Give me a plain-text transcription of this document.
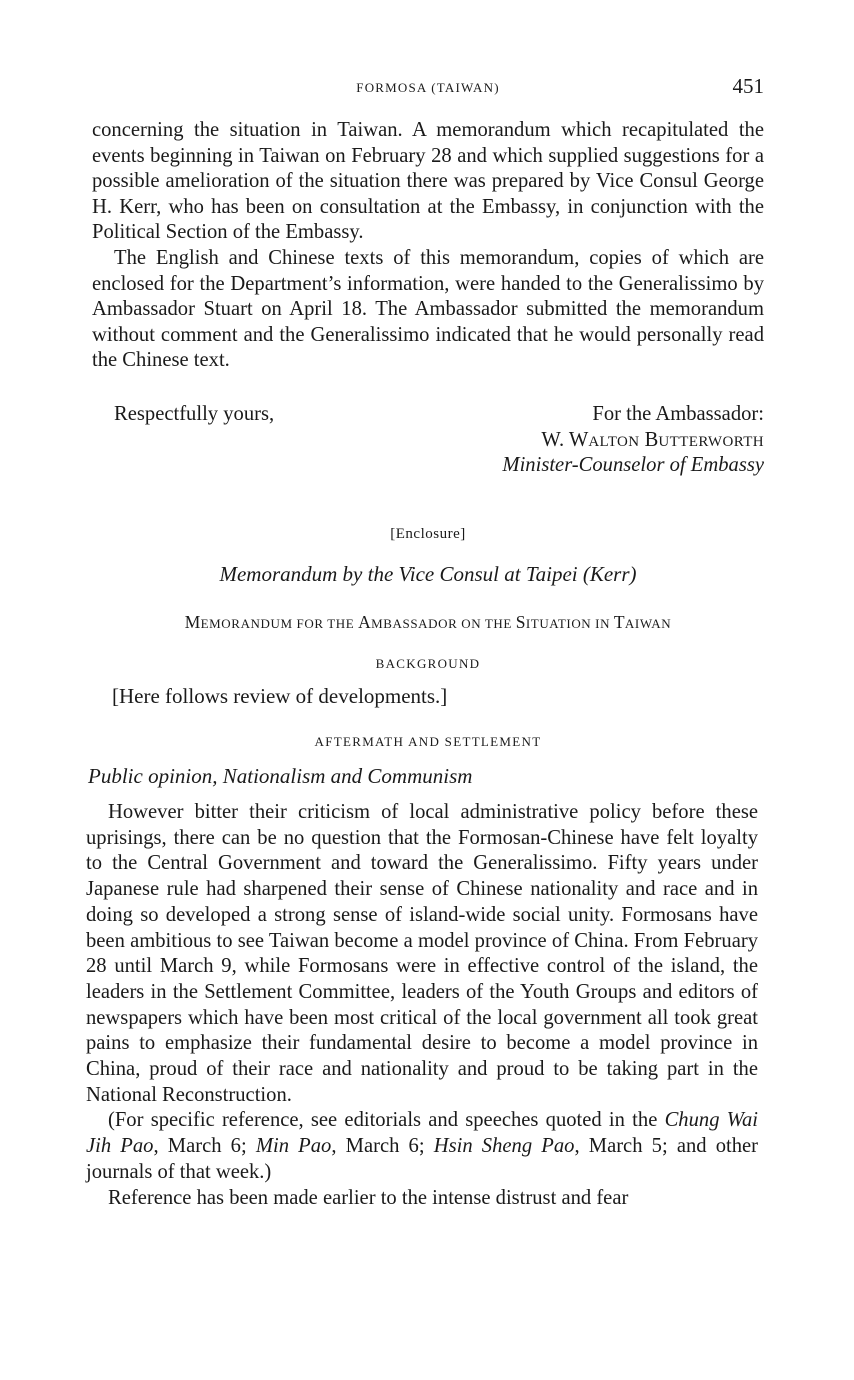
FORMOSA (TAIWAN)	451

concerning the situation in Taiwan. A memorandum which recapitulated the events beginning in Taiwan on February 28 and which supplied suggestions for a possible amelioration of the situation there was prepared by Vice Consul George H. Kerr, who has been on consultation at the Embassy, in conjunction with the Political Section of the Embassy.

The English and Chinese texts of this memorandum, copies of which are enclosed for the Department’s information, were handed to the Generalissimo by Ambassador Stuart on April 18. The Ambassador submitted the memorandum without comment and the Generalissimo indicated that he would personally read the Chinese text.

Respectfully yours,	For the Ambassador:
W. WALTON BUTTERWORTH
Minister-Counselor of Embassy
[Enclosure]
Memorandum by the Vice Consul at Taipei (Kerr)
MEMORANDUM FOR THE AMBASSADOR ON THE SITUATION IN TAIWAN
BACKGROUND
[Here follows review of developments.]
AFTERMATH AND SETTLEMENT
Public opinion, Nationalism and Communism

However bitter their criticism of local administrative policy before these uprisings, there can be no question that the Formosan-Chinese have felt loyalty to the Central Government and toward the Generalissimo. Fifty years under Japanese rule had sharpened their sense of Chinese nationality and race and in doing so developed a strong sense of island-wide social unity. Formosans have been ambitious to see Taiwan become a model province of China. From February 28 until March 9, while Formosans were in effective control of the island, the leaders in the Settlement Committee, leaders of the Youth Groups and editors of newspapers which have been most critical of the local government all took great pains to emphasize their fundamental desire to become a model province in China, proud of their race and nationality and proud to be taking part in the National Reconstruction.

(For specific reference, see editorials and speeches quoted in the Chung Wai Jih Pao, March 6; Min Pao, March 6; Hsin Sheng Pao, March 5; and other journals of that week.)

Reference has been made earlier to the intense distrust and fear
